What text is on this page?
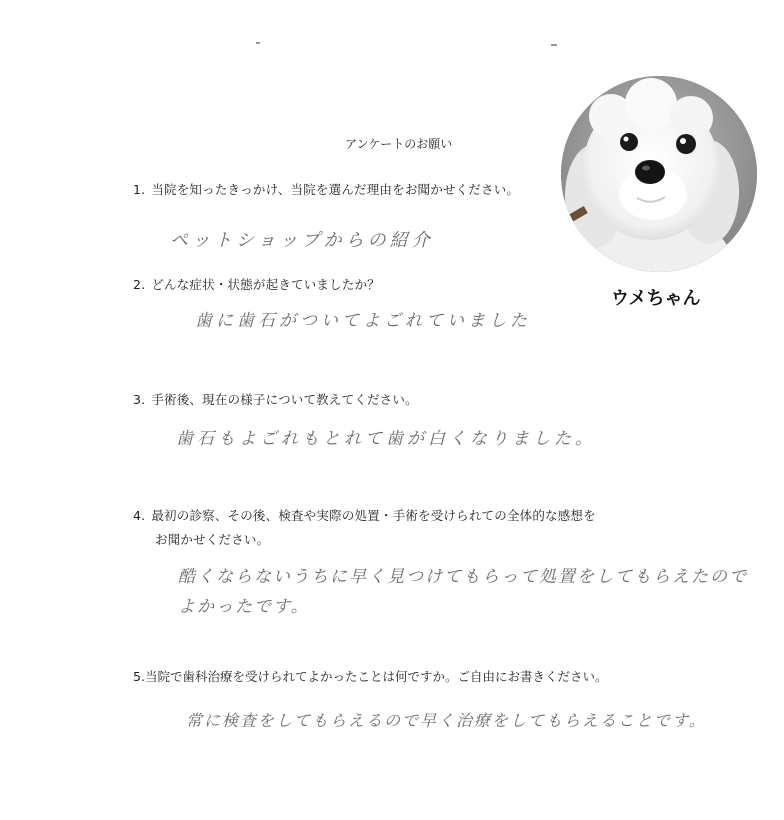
アンケートのお願い
1. 当院を知ったきっかけ、当院を選んだ理由をお聞かせください。
ペットショップからの紹介
2. どんな症状・状態が起きていましたか？
歯に歯石がついてよごれていました
3. 手術後、現在の様子について教えてください。
歯石もよごれもとれて歯が白くなりました。
4. 最初の診察、その後、検査や実際の処置・手術を受けられての全体的な感想を
お聞かせください。
酷くならないうちに早く見つけてもらって処置をしてもらえたので
よかったです。
5.当院で歯科治療を受けられてよかったことは何ですか。ご自由にお書きください。
常に検査をしてもらえるので早く治療をしてもらえることです。
ウメちゃん
